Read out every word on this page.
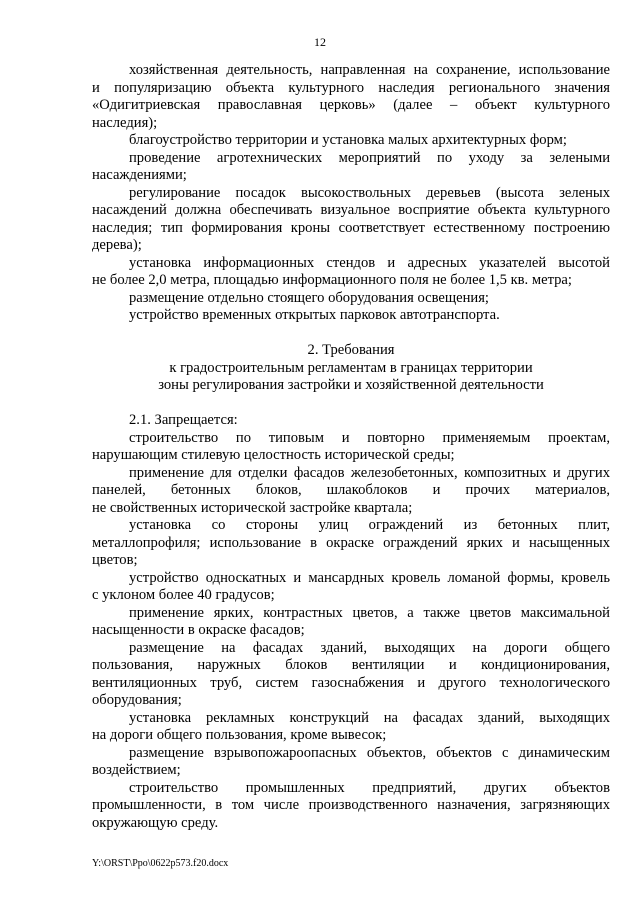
12
хозяйственная деятельность, направленная на сохранение, использование
и популяризацию объекта культурного наследия регионального значения
«Одигитриевская православная церковь» (далее – объект культурного
наследия);
благоустройство территории и установка малых архитектурных форм;
проведение агротехнических мероприятий по уходу за зелеными
насаждениями;
регулирование посадок высокоствольных деревьев (высота зеленых
насаждений должна обеспечивать визуальное восприятие объекта культурного
наследия; тип формирования кроны соответствует естественному построению
дерева);
установка информационных стендов и адресных указателей высотой
не более 2,0 метра, площадью информационного поля не более 1,5 кв. метра;
размещение отдельно стоящего оборудования освещения;
устройство временных открытых парковок автотранспорта.
2. Требования
к градостроительным регламентам в границах территории
зоны регулирования застройки и хозяйственной деятельности
2.1. Запрещается:
строительство по типовым и повторно применяемым проектам,
нарушающим стилевую целостность исторической среды;
применение для отделки фасадов железобетонных, композитных и других
панелей, бетонных блоков, шлакоблоков и прочих материалов,
не свойственных исторической застройке квартала;
установка со стороны улиц ограждений из бетонных плит,
металлопрофиля; использование в окраске ограждений ярких и насыщенных
цветов;
устройство односкатных и мансардных кровель ломаной формы, кровель
с уклоном более 40 градусов;
применение ярких, контрастных цветов, а также цветов максимальной
насыщенности в окраске фасадов;
размещение на фасадах зданий, выходящих на дороги общего
пользования, наружных блоков вентиляции и кондиционирования,
вентиляционных труб, систем газоснабжения и другого технологического
оборудования;
установка рекламных конструкций на фасадах зданий, выходящих
на дороги общего пользования, кроме вывесок;
размещение взрывопожароопасных объектов, объектов с динамическим
воздействием;
строительство промышленных предприятий, других объектов
промышленности, в том числе производственного назначения, загрязняющих
окружающую среду.
Y:\ORST\Ppo\0622p573.f20.docx
